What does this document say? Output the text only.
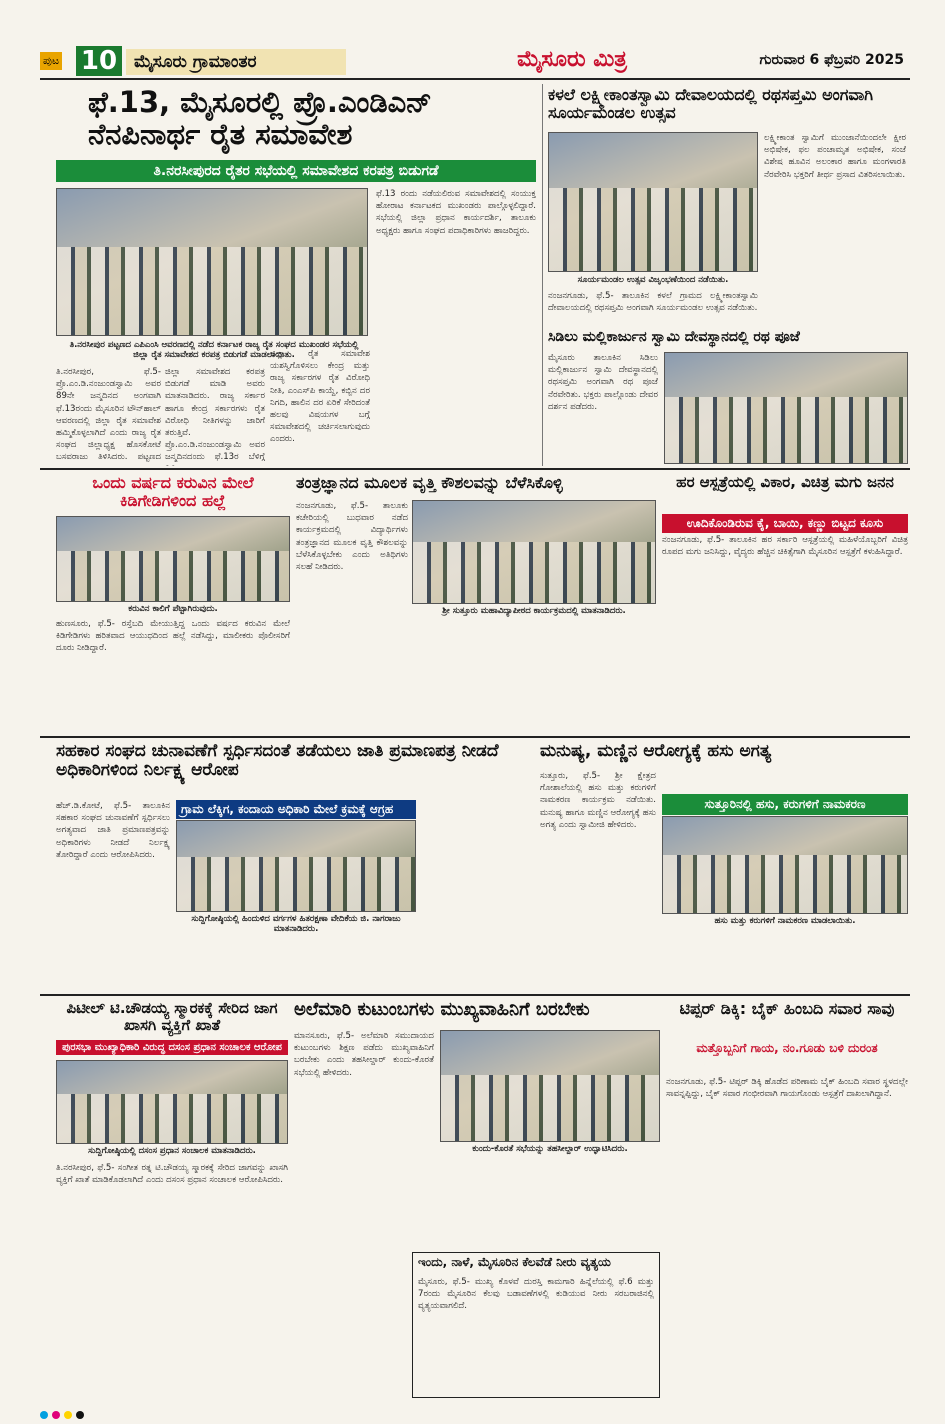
ಪುಟ 10 ಮೈಸೂರು ಗ್ರಾಮಾಂತರ	ಮೈಸೂರು ಮಿತ್ರ	ಗುರುವಾರ 6 ಫೆಬ್ರವರಿ 2025
ಫೆ.13, ಮೈಸೂರಲ್ಲಿ ಪ್ರೊ.ಎಂಡಿಎನ್ ನೆನಪಿನಾರ್ಥ ರೈತ ಸಮಾವೇಶ
ತಿ.ನರಸೀಪುರದ ರೈತರ ಸಭೆಯಲ್ಲಿ ಸಮಾವೇಶದ ಕರಪತ್ರ ಬಿಡುಗಡೆ
ತಿ.ನರಸೀಪುರ ಪಟ್ಟಣದ ಎಪಿಎಂಸಿ ಆವರಣದಲ್ಲಿ ನಡೆದ ಕರ್ನಾಟಕ ರಾಜ್ಯ ರೈತ ಸಂಘದ ಮುಖಂಡರ ಸಭೆಯಲ್ಲಿ ಜಿಲ್ಲಾ ರೈತ ಸಮಾವೇಶದ ಕರಪತ್ರ ಬಿಡುಗಡೆ ಮಾಡಲಾಯಿತು.
ತಿ.ನರಸೀಪುರ, ಫೆ.5- ಪ್ರೊ.ಎಂ.ಡಿ.ನಂಜುಂಡಸ್ವಾಮಿ ಅವರ 89ನೇ ಜನ್ಮದಿನದ ಅಂಗವಾಗಿ ಫೆ.13ರಂದು ಮೈಸೂರಿನ ಟೌನ್‌ಹಾಲ್ ಆವರಣದಲ್ಲಿ ಜಿಲ್ಲಾ ರೈತ ಸಮಾವೇಶ ಹಮ್ಮಿಕೊಳ್ಳಲಾಗಿದೆ ಎಂದು ರಾಜ್ಯ ರೈತ ಸಂಘದ ಜಿಲ್ಲಾಧ್ಯಕ್ಷ ಹೊಸಕೋಟೆ ಬಸವರಾಜು ತಿಳಿಸಿದರು. ಪಟ್ಟಣದ
ಜಿಲ್ಲಾ ಸಮಾವೇಶದ ಕರಪತ್ರ ಬಿಡುಗಡೆ ಮಾಡಿ ಅವರು ಮಾತನಾಡಿದರು. ರಾಜ್ಯ ಸರ್ಕಾರ ಹಾಗೂ ಕೇಂದ್ರ ಸರ್ಕಾರಗಳು ರೈತ ವಿರೋಧಿ ನೀತಿಗಳನ್ನು ಜಾರಿಗೆ ತರುತ್ತಿವೆ. ಪ್ರೊ.ಎಂ.ಡಿ.ನಂಜುಂಡಸ್ವಾಮಿ ಅವರ ಜನ್ಮದಿನದಂದು ಫೆ.13ರ ಬೆಳಿಗ್ಗೆ
ಜಿಲ್ಲಾ ರೈತ ಸಮಾವೇಶ ಯಶಸ್ವಿಗೊಳಿಸಲು ಕೇಂದ್ರ ಮತ್ತು ರಾಜ್ಯ ಸರ್ಕಾರಗಳ ರೈತ ವಿರೋಧಿ ನೀತಿ, ಎಂಎಸ್‌ಪಿ ಕಾಯ್ದೆ, ಕಬ್ಬಿನ ದರ ನಿಗದಿ, ಹಾಲಿನ ದರ ಏರಿಕೆ ಸೇರಿದಂತೆ ಹಲವು ವಿಷಯಗಳ ಬಗ್ಗೆ ಸಮಾವೇಶದಲ್ಲಿ ಚರ್ಚಿಸಲಾಗುವುದು ಎಂದರು.
ಫೆ.13 ರಂದು ನಡೆಯಲಿರುವ ಸಮಾವೇಶದಲ್ಲಿ ಸಂಯುಕ್ತ ಹೋರಾಟ ಕರ್ನಾಟಕದ ಮುಖಂಡರು ಪಾಲ್ಗೊಳ್ಳಲಿದ್ದಾರೆ. ಸಭೆಯಲ್ಲಿ ಜಿಲ್ಲಾ ಪ್ರಧಾನ ಕಾರ್ಯದರ್ಶಿ, ತಾಲೂಕು ಅಧ್ಯಕ್ಷರು ಹಾಗೂ ಸಂಘದ ಪದಾಧಿಕಾರಿಗಳು ಹಾಜರಿದ್ದರು.
ಕಳಲೆ ಲಕ್ಷ್ಮೀಕಾಂತಸ್ವಾಮಿ ದೇವಾಲಯದಲ್ಲಿ ರಥಸಪ್ತಮಿ ಅಂಗವಾಗಿ ಸೂರ್ಯಮಂಡಲ ಉತ್ಸವ
ಸೂರ್ಯಮಂಡಲ ಉತ್ಸವ ವಿಜೃಂಭಣೆಯಿಂದ ನಡೆಯಿತು.
ಲಕ್ಷ್ಮೀಕಾಂತ ಸ್ವಾಮಿಗೆ ಮುಂಜಾನೆಯಿಂದಲೇ ಕ್ಷೀರ ಅಭಿಷೇಕ, ಫಲ ಪಂಚಾಮೃತ ಅಭಿಷೇಕ, ಸಂಜೆ ವಿಶೇಷ ಹೂವಿನ ಅಲಂಕಾರ ಹಾಗೂ ಮಂಗಳಾರತಿ ನೆರವೇರಿಸಿ ಭಕ್ತರಿಗೆ ತೀರ್ಥ ಪ್ರಸಾದ ವಿತರಿಸಲಾಯಿತು.
ನಂಜನಗೂಡು, ಫೆ.5- ತಾಲೂಕಿನ ಕಳಲೆ ಗ್ರಾಮದ ಲಕ್ಷ್ಮೀಕಾಂತಸ್ವಾಮಿ ದೇವಾಲಯದಲ್ಲಿ ರಥಸಪ್ತಮಿ ಅಂಗವಾಗಿ ಸೂರ್ಯಮಂಡಲ ಉತ್ಸವ ನಡೆಯಿತು.
ಸಿಡಿಲು ಮಲ್ಲಿಕಾರ್ಜುನ ಸ್ವಾಮಿ ದೇವಸ್ಥಾನದಲ್ಲಿ ರಥ ಪೂಜೆ
ಮೈಸೂರು ತಾಲೂಕಿನ ಸಿಡಿಲು ಮಲ್ಲಿಕಾರ್ಜುನ ಸ್ವಾಮಿ ದೇವಸ್ಥಾನದಲ್ಲಿ ರಥಸಪ್ತಮಿ ಅಂಗವಾಗಿ ರಥ ಪೂಜೆ ನೆರವೇರಿತು. ಭಕ್ತರು ಪಾಲ್ಗೊಂಡು ದೇವರ ದರ್ಶನ ಪಡೆದರು.
ಒಂದು ವರ್ಷದ ಕರುವಿನ ಮೇಲೆ ಕಿಡಿಗೇಡಿಗಳಿಂದ ಹಲ್ಲೆ
ಕರುವಿನ ಕಾಲಿಗೆ ಪೆಟ್ಟಾಗಿರುವುದು.
ಹುಣಸೂರು, ಫೆ.5- ರಸ್ತೆಬದಿ ಮೇಯುತ್ತಿದ್ದ ಒಂದು ವರ್ಷದ ಕರುವಿನ ಮೇಲೆ ಕಿಡಿಗೇಡಿಗಳು ಹರಿತವಾದ ಆಯುಧದಿಂದ ಹಲ್ಲೆ ನಡೆಸಿದ್ದು, ಮಾಲೀಕರು ಪೊಲೀಸರಿಗೆ ದೂರು ನೀಡಿದ್ದಾರೆ.
ತಂತ್ರಜ್ಞಾನದ ಮೂಲಕ ವೃತ್ತಿ ಕೌಶಲವನ್ನು ಬೆಳೆಸಿಕೊಳ್ಳಿ
ನಂಜನಗೂಡು, ಫೆ.5- ತಾಲೂಕು ಕಚೇರಿಯಲ್ಲಿ ಬುಧವಾರ ನಡೆದ ಕಾರ್ಯಕ್ರಮದಲ್ಲಿ ವಿದ್ಯಾರ್ಥಿಗಳು ತಂತ್ರಜ್ಞಾನದ ಮೂಲಕ ವೃತ್ತಿ ಕೌಶಲವನ್ನು ಬೆಳೆಸಿಕೊಳ್ಳಬೇಕು ಎಂದು ಅತಿಥಿಗಳು ಸಲಹೆ ನೀಡಿದರು.
ಶ್ರೀ ಸುತ್ತೂರು ಮಹಾವಿದ್ಯಾಪೀಠದ ಕಾರ್ಯಕ್ರಮದಲ್ಲಿ ಮಾತನಾಡಿದರು.
ಹರ ಆಸ್ಪತ್ರೆಯಲ್ಲಿ ವಿಕಾರ, ವಿಚಿತ್ರ ಮಗು ಜನನ
ಊದಿಕೊಂಡಿರುವ ಕೈ, ಬಾಯಿ, ಕಣ್ಣು ಬಿಟ್ಟದ ಕೂಸು
ನಂಜನಗೂಡು, ಫೆ.5- ತಾಲೂಕಿನ ಹರ ಸರ್ಕಾರಿ ಆಸ್ಪತ್ರೆಯಲ್ಲಿ ಮಹಿಳೆಯೊಬ್ಬರಿಗೆ ವಿಚಿತ್ರ ರೂಪದ ಮಗು ಜನಿಸಿದ್ದು, ವೈದ್ಯರು ಹೆಚ್ಚಿನ ಚಿಕಿತ್ಸೆಗಾಗಿ ಮೈಸೂರಿನ ಆಸ್ಪತ್ರೆಗೆ ಕಳುಹಿಸಿದ್ದಾರೆ.
ಸಹಕಾರ ಸಂಘದ ಚುನಾವಣೆಗೆ ಸ್ಪರ್ಧಿಸದಂತೆ ತಡೆಯಲು ಜಾತಿ ಪ್ರಮಾಣಪತ್ರ ನೀಡದೆ ಅಧಿಕಾರಿಗಳಿಂದ ನಿರ್ಲಕ್ಷ್ಯ ಆರೋಪ
ಗ್ರಾಮ ಲೆಕ್ಕಿಗ, ಕಂದಾಯ ಅಧಿಕಾರಿ ಮೇಲೆ ಕ್ರಮಕ್ಕೆ ಆಗ್ರಹ
ಸುದ್ದಿಗೋಷ್ಠಿಯಲ್ಲಿ ಹಿಂದುಳಿದ ವರ್ಗಗಳ ಹಿತರಕ್ಷಣಾ ವೇದಿಕೆಯ ಜಿ. ನಾಗರಾಜು ಮಾತನಾಡಿದರು.
ಹೆಚ್.ಡಿ.ಕೋಟೆ, ಫೆ.5- ತಾಲೂಕಿನ ಸಹಕಾರ ಸಂಘದ ಚುನಾವಣೆಗೆ ಸ್ಪರ್ಧಿಸಲು ಅಗತ್ಯವಾದ ಜಾತಿ ಪ್ರಮಾಣಪತ್ರವನ್ನು ಅಧಿಕಾರಿಗಳು ನೀಡದೆ ನಿರ್ಲಕ್ಷ್ಯ ತೋರಿದ್ದಾರೆ ಎಂದು ಆರೋಪಿಸಿದರು.
ಮನುಷ್ಯ, ಮಣ್ಣಿನ ಆರೋಗ್ಯಕ್ಕೆ ಹಸು ಅಗತ್ಯ
ಸುತ್ತೂರಿನಲ್ಲಿ ಹಸು, ಕರುಗಳಿಗೆ ನಾಮಕರಣ
ಹಸು ಮತ್ತು ಕರುಗಳಿಗೆ ನಾಮಕರಣ ಮಾಡಲಾಯಿತು.
ಸುತ್ತೂರು, ಫೆ.5- ಶ್ರೀ ಕ್ಷೇತ್ರದ ಗೋಶಾಲೆಯಲ್ಲಿ ಹಸು ಮತ್ತು ಕರುಗಳಿಗೆ ನಾಮಕರಣ ಕಾರ್ಯಕ್ರಮ ನಡೆಯಿತು. ಮನುಷ್ಯ ಹಾಗೂ ಮಣ್ಣಿನ ಆರೋಗ್ಯಕ್ಕೆ ಹಸು ಅಗತ್ಯ ಎಂದು ಸ್ವಾಮೀಜಿ ಹೇಳಿದರು.
ಪಿಟೀಲ್ ಟಿ.ಚೌಡಯ್ಯ ಸ್ಮಾರಕಕ್ಕೆ ಸೇರಿದ ಜಾಗ ಖಾಸಗಿ ವ್ಯಕ್ತಿಗೆ ಖಾತೆ
ಪುರಸಭಾ ಮುಖ್ಯಾಧಿಕಾರಿ ವಿರುದ್ಧ ದಸಂಸ ಪ್ರಧಾನ ಸಂಚಾಲಕ ಆರೋಪ
ಸುದ್ದಿಗೋಷ್ಠಿಯಲ್ಲಿ ದಸಂಸ ಪ್ರಧಾನ ಸಂಚಾಲಕ ಮಾತನಾಡಿದರು.
ತಿ.ನರಸೀಪುರ, ಫೆ.5- ಸಂಗೀತ ರತ್ನ ಟಿ.ಚೌಡಯ್ಯ ಸ್ಮಾರಕಕ್ಕೆ ಸೇರಿದ ಜಾಗವನ್ನು ಖಾಸಗಿ ವ್ಯಕ್ತಿಗೆ ಖಾತೆ ಮಾಡಿಕೊಡಲಾಗಿದೆ ಎಂದು ದಸಂಸ ಪ್ರಧಾನ ಸಂಚಾಲಕ ಆರೋಪಿಸಿದರು.
ಅಲೆಮಾರಿ ಕುಟುಂಬಗಳು ಮುಖ್ಯವಾಹಿನಿಗೆ ಬರಬೇಕು
ಮಾನಸೂರು, ಫೆ.5- ಅಲೆಮಾರಿ ಸಮುದಾಯದ ಕುಟುಂಬಗಳು ಶಿಕ್ಷಣ ಪಡೆದು ಮುಖ್ಯವಾಹಿನಿಗೆ ಬರಬೇಕು ಎಂದು ತಹಸೀಲ್ದಾರ್ ಕುಂದು-ಕೊರತೆ ಸಭೆಯಲ್ಲಿ ಹೇಳಿದರು.
ಕುಂದು-ಕೊರತೆ ಸಭೆಯನ್ನು ತಹಸೀಲ್ದಾರ್ ಉದ್ಘಾಟಿಸಿದರು.
ಇಂದು, ನಾಳೆ, ಮೈಸೂರಿನ ಕೆಲವೆಡೆ ನೀರು ವ್ಯತ್ಯಯ
ಮೈಸೂರು, ಫೆ.5- ಮುಖ್ಯ ಕೊಳವೆ ದುರಸ್ತಿ ಕಾಮಗಾರಿ ಹಿನ್ನೆಲೆಯಲ್ಲಿ ಫೆ.6 ಮತ್ತು 7ರಂದು ಮೈಸೂರಿನ ಕೆಲವು ಬಡಾವಣೆಗಳಲ್ಲಿ ಕುಡಿಯುವ ನೀರು ಸರಬರಾಜಿನಲ್ಲಿ ವ್ಯತ್ಯಯವಾಗಲಿದೆ.
ಟಿಪ್ಪರ್ ಡಿಕ್ಕಿ: ಬೈಕ್ ಹಿಂಬದಿ ಸವಾರ ಸಾವು
ಮತ್ತೊಬ್ಬನಿಗೆ ಗಾಯ, ನಂ.ಗೂಡು ಬಳಿ ದುರಂತ
ನಂಜನಗೂಡು, ಫೆ.5- ಟಿಪ್ಪರ್ ಡಿಕ್ಕಿ ಹೊಡೆದ ಪರಿಣಾಮ ಬೈಕ್ ಹಿಂಬದಿ ಸವಾರ ಸ್ಥಳದಲ್ಲೇ ಸಾವನ್ನಪ್ಪಿದ್ದು, ಬೈಕ್ ಸವಾರ ಗಂಭೀರವಾಗಿ ಗಾಯಗೊಂಡು ಆಸ್ಪತ್ರೆಗೆ ದಾಖಲಾಗಿದ್ದಾನೆ.
